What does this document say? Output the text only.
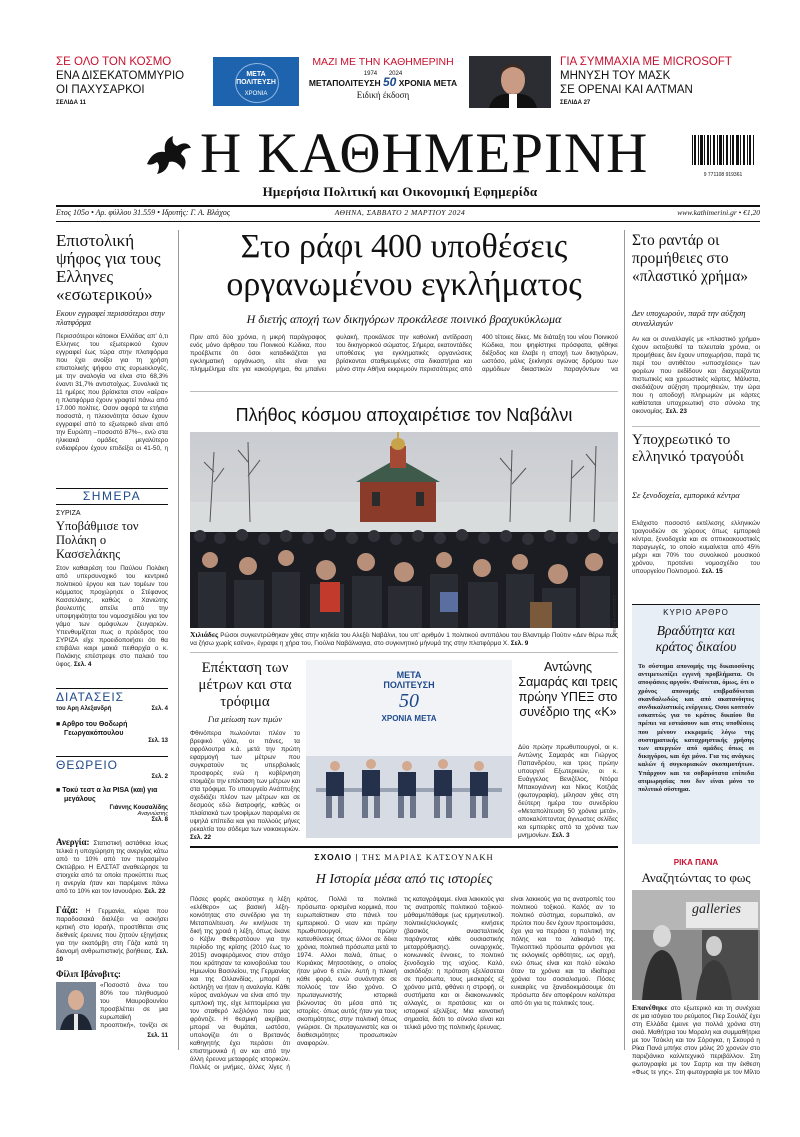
ΣΕ ΟΛΟ ΤΟΝ ΚΟΣΜΟ
ΕΝΑ ΔΙΣΕΚΑΤΟΜΜΥΡΙΟ
ΟΙ ΠΑΧΥΣΑΡΚΟΙ
ΣΕΛΙΔΑ 11
ΜΕΤΑ
ΠΟΛΙΤΕΥΣΗ
ΧΡΟΝΙΑ
ΜΑΖΙ ΜΕ ΤΗΝ ΚΑΘΗΜΕΡΙΝΗ
1974 2024
ΜΕΤΑΠΟΛΙΤΕΥΣΗ 50 ΧΡΟΝΙΑ ΜΕΤΑ
Ειδική έκδοση
ΓΙΑ ΣΥΜΜΑΧΙΑ ΜΕ MICROSOFT
ΜΗΝΥΣΗ ΤΟΥ ΜΑΣΚ
ΣΕ OPENAI ΚΑΙ ΑΛΤΜΑΝ
ΣΕΛΙΔΑ 27
Η ΚΑΘΗΜΕΡΙΝΗ	9 771108 919361
Ημερήσια Πολιτική και Οικονομική Εφημερίδα
Ετος 105ο • Αρ. φύλλου 31.559 • Ιδρυτής: Γ. Α. Βλάχος	ΑΘΗΝΑ, ΣΑΒΒΑΤΟ 2 ΜΑΡΤΙΟΥ 2024	www.kathimerini.gr • €1,20
Επιστολική ψήφος για τους Ελληνες «εσωτερικού»
Εκουν εγγραφεί περισσότεροι στην πλατφόρμα
Περισσότεροι κάτοικοι Ελλάδας απ’ ό,τι Ελληνες του εξωτερικού έχουν εγγραφεί έως τώρα στην πλατφόρμα που έχει ανοίξει για τη χρήση επιστολικής ψήφου στις ευρωεκλογές, με την αναλογία να είναι στο 68,3% έναντι 31,7% αντιστοίχως. Συνολικά τις 11 ημέρες που βρίσκεται στον «αέρα» η πλατφόρμα έχουν γραφτεί πάνω από 17.000 πολίτες. Οσον αφορά τα ετήσια ποσοστά, η πλειονότητα όσων έχουν εγγραφεί από το εξωτερικό είναι από την Ευρώπη –ποσοστό 87%–, ενώ στα ηλικιακά ομάδες μεγαλύτερο ενδιαφέρον έχουν επιδείξει οι 41-50, η
ΣΗΜΕΡΑ
ΣΥΡΙΖΑ
Υποβάθμισε τον Πολάκη ο Κασσελάκης
Στον καθαιρέση του Παύλου Πολάκη από υπερσυνοχικό του κεντρικό πολιτικού έργου και των τομέων του κόμματος προχώρησε ο Στέφανος Κασσελάκης, καθώς ο Χανιώτης βουλευτής απείλε από την υποψηφιότητα του νομοσχεδίου για τον γάμο των ομόφυλων ζευγαριών. Υπενθυμίζεται πως ο πρόεδρος του ΣΥΡΙΖΑ είχε προειδοποιήσει ότι θα επιβάλει καιρι μακιά πειθαρχία ο κ. Πολάκης επέστρεψε στο παλαιό του ύφος. Σελ. 4
ΔΙΑΤΑΣΕΙΣ
του Αρη Αλεξανδρή	Σελ. 4
■ Αρθρο του Θοδωρή Γεωργακόπουλου
Σελ. 13
ΘΕΩΡΕΙΟ
Σελ. 2
■ Τοκύ τεστ α λα PISA (και) για μεγάλους
Γιάννης Κουσαλίδης
Αναγνώστης
Σελ. 8
Ανεργία: Στατιστική αστάθεια ίσως τελικά η υποχώρηση της ανεργίας κάτω από το 10% από τον περασμένο Οκτώβριο. Η ΕΛΣΤΑΤ αναθεώρησε τα στοιχεία από τα οποία προκύπτει πως η ανεργία ήταν και παρέμεινε πάνω από το 10% και τον Ιανουάριο. Σελ. 22
Γάζα: Η Γερμανία, κύρια που παραδοσιακά διαλέξει να ασκήσει κριτική στο Ισραήλ, προστίθεται στις διεθνείς έρευνες που ζητούν εξηγήσεις για την εκατόμβη στη Γάζα κατά τη διανομή ανθρωπιστικής βοήθειας. Σελ. 10
Φίλιπ Ιβάνοβιτς:
«Ποσοστό άνω του 80% του πληθυσμού του Μαυροβουνίου προσβλέπει σε μια ευρωπαϊκή προοπτική», τονίζει σε
Σελ. 11
Στο ράφι 400 υποθέσεις οργανωμένου εγκλήματος
Η διετής αποχή των δικηγόρων προκάλεσε ποινικό βραχυκύκλωμα
Πριν από δύο χρόνια, η μικρή παράγραφος ενός μόνο άρθρου του Ποινικού Κώδικα, που προέβλεπε ότι όσοι καταδικάζεται για εγκληματική οργάνωση, είτε είναι για πλημμέλημα είτε για κακούργημα, θα μπαίνει φυλακή, προκάλεσε την καθολική αντίδραση του δικηγορικού σώματος. Σήμερα, εκατοντάδες υποθέσεις για εγκληματικές οργανώσεις βρίσκονται σταθμευμένες στα δικαστήρια και μόνο στην Αθήνα εκκρεμούν περισσότερες από 400 τέτοιες δίκες. Με διάταξη του νέου Ποινικού Κώδικα, που ψηφίστηκε πρόσφατα, φέθηκε διέξοδος και έλαβε η αποχή των δικηγόρων, ωστόσο, μόλις ξεκίνησε αγώνας δρόμου των αρμόδιων δικαστικών παραγόντων να
Πλήθος κόσμου αποχαιρέτισε τον Ναβάλνι
ASSOCIATED PRESS
Χιλιάδες Ρώσοι συγκεντρώθηκαν χθες στην κηδεία του Αλεξέι Ναβάλνι, του υπ’ αριθμόν 1 πολιτικού αντιπάλου του Βλαντιμίρ Πούτιν «Δεν θέρω πως να ζήσω χωρίς εσένα», έγραψε η χήρα του, Γιούλια Ναβάλναγια, στο συγκινητικό μήνυμά της στην πλατφόρμα Χ. Σελ. 9
Επέκταση των μέτρων και στα τρόφιμα
Για μείωση των τιμών
Φθινόπερα πωλούνται πλέον το βρεφικό γάλα, οι πάνες, τα αφρόλουτρα κ.ά. μετά την πρώτη εφαρμογή των μέτρων που συγκρατούν τις υπερβολικές προσφορές ενώ η κυβέρνηση ετοιμάζει την επέκταση των μέτρων και στα τρόφιμα. Το υπουργείο Ανάπτυξης σχεδιάζει πλέον των μέτρων και σε δεσμούς εδώ διατροφής, καθώς οι πλαίσιακά των τροφίμων παραμένει σε υψηλά επίπεδα και για πολλούς μήνες ρεκαλτία του σόδεμα των νοικοκυριών. Σελ. 22
ΜΕΤΑ
ΠΟΛΙΤΕΥΣΗ
50
ΧΡΟΝΙΑ ΜΕΤΑ
Αντώνης Σαμαράς και τρεις πρώην ΥΠΕΞ στο συνέδριο της «Κ»
Δύο πρώην πρωθυπουργοί, οι κ. Αντώνης Σαμαράς και Γιώργος Παπανδρέου, και τρεις πρώην υπουργοί Εξωτερικών, οι κ. Ευάγγελος Βενιζέλος, Ντόρα Μπακογιάννη και Νίκος Κοτζιάς (φωτογραφία), μίλησαν χθες στη δεύτερη ημέρα του συνεδρίου «Μεταπολίτευση 50 χρόνια μετά», αποκαλύπτοντας άγνωστες σελίδες και εμπειρίες από τα χρόνια των μνημονίων. Σελ. 3
ΣΧΟΛΙΟ | ΤΗΣ ΜΑΡΙΑΣ ΚΑΤΣΟΥΝΑΚΗ
Η Ιστορία μέσα από τις ιστορίες
Πόσες φορές ακούστηκε η λέξη «ελέθερο» ως βασική λέξη-κοινότητας στο συνέδριο για τη Μεταπολίτευση. Αν κινήλυσε τη δική της χροιά η λέξη, όπως έκανε ο Κέβιν Φεθερστόουν για την περίοδο της κρίσης (2010 έως το 2015) αναφερόμενος στον στόχο που κράτησαν τα κοινοβούλια του Ημιωνίου Βασιλείου, της Γερμανίας και της Ολλανδίας, μπορεί η έκπληξη να ήταν η αναλογία. Κάθε κύρος αναλόγων να είναι από την εμπλοκή της, είχε λεπτομέρεια για τον σταθερό λεξιλόγιο που μας φρόντιζε. Η θεσμική ακρίβεια, μπορεί να θυμάται, ωστόσο, υπολογίζει ότι ο Βρετανός καθηγητής έχει περάσει ότι επιστημονικά ή αν και από την άλλη έρευνα μεταφορές ιστορικών. Πολλές οι μνήμες, άλλες λίγες ή
κράτος. Πολλά τα πολιτικά πρόσωπα· ορισμένα κορμικά, που ευρωπαϊστικαν στο πάνελ του εμπειρικού. Ο νεαν και πρώην πρωθυπουργοί, πρώην κατευθύνσεις όπως άλλοι σε δέκα χρόνια, πολιτικά πρόσωπα μετά το 1974. Αλλοι παλιά, όπως ο Κυριάκος Μητσοτάκης, ο οποίος ήταν μόνο 6 ετών. Αυτή η πλοκή κάθε φορά, ενώ συνάντησε σε πολλούς τον ίδιο χρόνο. Ο πρωταγωνιστής ιστορικά βιώνοντας ότι μέσα από τις ιστορίες· όπως αυτός ήταν για τους σκοπιμότητες, στην πολιτική όπως γνώρισε. Οι πρωταγωνιστές και οι διαθεσιμότητες προσωπικών αναφορών.
τις καταγράψαμε. είναι λακικούς για τις ανατροπές πολιτικού τοξικού· μάθαμε/πάθαμε (ως ερμηνευτικοί). πολιτικές/εκλογικές κινήσεις (βασικός ανασταλτικός παράγοντας κάθε ουσιαστικής μεταρρύθμισης). ουναρχικός, κοινωνικές έννοιες, το πολιτικό ξενοδοχείο της ισχύος. Καλό, αισιόδοξο: η πρόταση εξελίσσεται σε πρόσωπα, τους μεσκαρές εξ χρόνου μετά, φθάνει η στροφή, οι συστήματα και οι διακοινωνικές αλλαγές, οι προτάσεις και οι ιστορικοί εξελίξεις. Μια κοινοτική σημασία, διότι το σύνολο είναι και τελικά μόνο της πολιτικής έρευνας.
είναι λακικούς για τις ανατροπές του πολιτικού τοξικού. Καλός αν το πολιτικό σύστημα, ευρωπαϊκό, αν πρώτοι που δεν έχουν προετοιμάσει, έχει για να περάσει η πολιτική της πόλης και το λαϊκισμό της. Τηλεοπτικό πρόσωπα φρόντισε για τις εκλογικές ορθότητες, ως αρχή, ενώ όπως είναι και πολύ εύκολο όταν τα χρόνια και τα ιδιαίτερα χρόνια του σοσιαλισμού. Πόσες ευκαιρίες να ξαναδοκιμάσουμε ότι πρόσωπα δεν αποφέρουν καλύτερα από ότι για τις πολιτικές τους.
Στο ραντάρ οι προμήθειες στο «πλαστικό χρήμα»
Δεν υποχωρούν, παρά την αύξηση συναλλαγών
Αν και οι συναλλαγές με «πλαστικό χρήμα» έχουν εκτοξευθεί τα τελευταία χρόνια, οι προμήθειες δεν έχουν υποχωρήσει, παρά τις περί του αντιθέτου «υποσχέσεις» των φορέων που εκδίδουν και διαχειρίζονται πιστωτικές και χρεωστικές κάρτες. Μάλιστα, σκεδιάζουν αύξηση προμηθειών, την ώρα που η αποδοχή πληρωμών με κάρτες καθίσταται υποχρεωτική στο σύνολο της οικονομίας. Σελ. 23
Υποχρεωτικό το ελληνικό τραγούδι
Σε ξενοδοχεία, εμπορικά κέντρα
Ελάχιστο ποσοστό εκτέλεσης ελληνικών τραγουδιών σε χώρους όπως εμπορικά κέντρα, ξενοδοχεία και σε οπτικοακουστικές παραγωγές, το οποίο κυμαίνεται από 45% μέχρι και 70% του συνολικού μουσικού χρόνου, προτείνει νομοσχέδιο του υπουργείου Πολιτισμού. Σελ. 15
ΚΥΡΙΟ ΑΡΘΡΟ
Βραδύτητα και κράτος δικαίου
Το σύστημα απονομής της δικαιοσύνης αντιμετωπίζει εγγενή προβλήματα. Οι αποφάσεις αργούν. Φαίνεται, όμως, ότι ο χρόνος απονομής επιβραδύνεται σκανδαλωδώς και από ακατανόητες συνδικαλιστικές ενέργειες. Οσοι κοπτούν εσκαπτώς για το κράτος δικαίου θα πρέπει να εστιάσουν και στις υποθέσεις που μένουν εκκρεμείς λόγω της συστηματικής καταχρηστικής χρήσης των απεργιών από ομάδες όπως οι δικηγόροι, και όχι μόνο. Για τις ανάγκες καλών ή συγκυριακών σκοπιμοτήτων. Υπάρχουν και τα σοβαρότατα επίπεδα ατιμωρησίας που δεν είναι μόνο το πολιτικό σύστημα.
ΡΙΚΑ ΠΑΝΑ
Αναζητώντας το φως
galleries
Επανέθηκε στο εξωτερικό και τη συνέχεια σε μια ισόγειο του ρεύματος Πιερ Σουλάζ έχει στη Ελλάδα έμεινε για πολλά χρόνια στη σκιά. Μαθήτρια του Μοραλη και συμμαθήτρια με τον Τσόκλη και τον Σόρογκα, η Σκουρά η Ρίκα Πανά μπήκε στον μόλις 20 χρονών στο παριζιάνικο καλλιτεχνικό περιβάλλον. Στη φωτογραφία με τον Σαρτρ και την έκθεση «Φως τε γης». Στη φωτογραφία με τον Μίλτο
